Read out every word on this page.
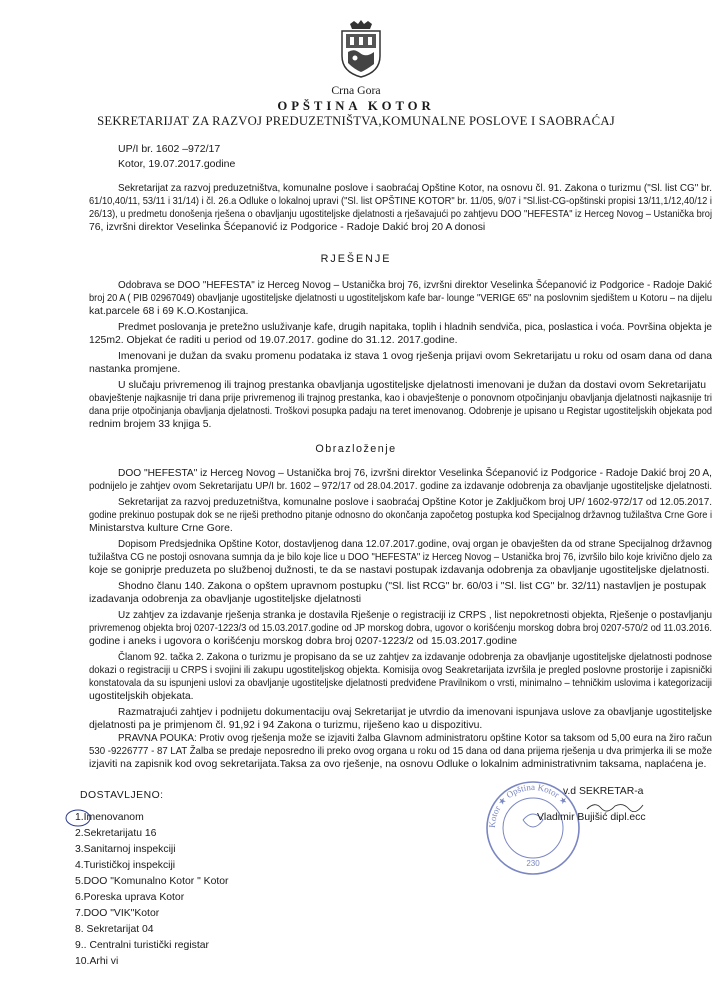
Crna Gora
OPŠTINA KOTOR
SEKRETARIJAT ZA RAZVOJ PREDUZETNIŠTVA,KOMUNALNE POSLOVE I SAOBRAĆAJ
UP/I br. 1602 –972/17
Kotor, 19.07.2017.godine
Sekretarijat za razvoj preduzetništva, komunalne poslove i saobraćaj Opštine Kotor, na osnovu čl. 91. Zakona o turizmu ("Sl. list CG" br.
61/10,40/11, 53/11 i 31/14) i čl. 26.a Odluke o lokalnoj upravi ("Sl. list OPŠTINE KOTOR" br. 11/05, 9/07 i "Sl.list-CG-opštinski propisi 13/11,1/12,40/12 i
26/13), u predmetu donošenja rješena o obavljanju ugostiteljske djelatnosti a rješavajući po zahtjevu DOO "HEFESTA" iz Herceg Novog – Ustanička broj
76, izvršni direktor Veselinka Šćepanović iz Podgorice - Radoje Dakić broj 20 A donosi
RJEŠENJE
Odobrava se DOO "HEFESTA" iz Herceg Novog – Ustanička broj 76, izvršni direktor Veselinka Šćepanović iz Podgorice - Radoje Dakić
broj 20 A ( PIB 02967049) obavljanje ugostiteljske djelatnosti u ugostiteljskom kafe bar- lounge "VERIGE 65" na poslovnim sjedištem u Kotoru – na dijelu
kat.parcele 68 i 69 K.O.Kostanjica.
Predmet poslovanja je pretežno usluživanje kafe, drugih napitaka, toplih i hladnih sendviča, pica, poslastica i voća. Površina objekta je
125m2. Objekat će raditi u period od 19.07.2017. godine do 31.12. 2017.godine.
Imenovani je dužan da svaku promenu podataka iz stava 1 ovog rješenja prijavi ovom Sekretarijatu u roku od osam dana od dana
nastanka promjene.
U slučaju privremenog ili trajnog prestanka obavljanja ugostiteljske djelatnosti imenovani je dužan da dostavi ovom Sekretarijatu
obavještenje najkasnije tri dana prije privremenog ili trajnog prestanka, kao i obavještenje o ponovnom otpočinjanju obavljanja djelatnosti najkasnije tri
dana prije otpočinjanja obavljanja djelatnosti. Troškovi posupka padaju na teret imenovanog. Odobrenje je upisano u Registar ugostiteljskih objekata pod
rednim brojem 33 knjiga 5.
Obrazloženje
DOO "HEFESTA" iz Herceg Novog – Ustanička broj 76, izvršni direktor Veselinka Šćepanović iz Podgorice - Radoje Dakić broj 20 A,
podnijelo je zahtjev ovom Sekretarijatu UP/I br. 1602 – 972/17 od 28.04.2017. godine za izdavanje odobrenja za obavljanje ugostiteljske djelatnosti.
Sekretarijat za razvoj preduzetništva, komunalne poslove i saobraćaj Opštine Kotor je Zaključkom broj UP/ 1602-972/17 od 12.05.2017.
godine prekinuo postupak dok se ne riješi prethodno pitanje odnosno do okončanja započetog postupka kod Specijalnog državnog tužilaštva Crne Gore i
Ministarstva kulture Crne Gore.
Dopisom Predsjednika Opštine Kotor, dostavljenog dana 12.07.2017.godine, ovaj organ je obavješten da od strane Specijalnog državnog
tužilaštva CG ne postoji osnovana sumnja da je bilo koje lice u DOO "HEFESTA" iz Herceg Novog – Ustanička broj 76, izvršilo bilo koje krivično djelo za
koje se goniprje preduzeta po službenoj dužnosti, te da se nastavi postupak izdavanja odobrenja za obavljanje ugostiteljske djelatnosti.
Shodno članu 140. Zakona o opštem upravnom postupku ("Sl. list RCG" br. 60/03 i "Sl. list CG" br. 32/11) nastavljen je postupak
izadavanja odobrenja za obavljanje ugostiteljske djelatnosti
Uz zahtjev za izdavanje rješenja stranka je dostavila Rješenje o registraciji iz CRPS , list nepokretnosti objekta, Rješenje o postavljanju
privremenog objekta broj 0207-1223/3 od 15.03.2017.godine od JP morskog dobra, ugovor o korišćenju morskog dobra broj 0207-570/2 od 11.03.2016.
godine i aneks i ugovora o korišćenju morskog dobra broj 0207-1223/2 od 15.03.2017.godine
Članom 92. tačka 2. Zakona o turizmu je propisano da se uz zahtjev za izdavanje odobrenja za obavljanje ugostiteljske djelatnosti podnose
dokazi o registraciji u CRPS i svojini ili zakupu ugostiteljskog objekta. Komisija ovog Seakretarijata izvršila je pregled poslovne prostorije i zapisnički
konstatovala da su ispunjeni uslovi za obavljanje ugostiteljske djelatnosti predviđene Pravilnikom o vrsti, minimalno – tehničkim uslovima i kategorizaciji
ugostiteljskih objekata.
Razmatrajući zahtjev i podnijetu dokumentaciju ovaj Sekretarijat je utvrdio da imenovani ispunjava uslove za obavljanje ugostiteljske
djelatnosti pa je primjenom čl. 91,92 i 94 Zakona o turizmu, riješeno kao u dispozitivu.
PRAVNA POUKA: Protiv ovog rješenja može se izjaviti žalba Glavnom administratoru opštine Kotor sa taksom od 5,00 eura na žiro račun
530 -9226777 - 87 LAT Žalba se predaje neposredno ili preko ovog organa u roku od 15 dana od dana prijema rješenja u dva primjerka ili se može
izjaviti na zapisnik kod ovog sekretarijata.Taksa za ovo rješenje, na osnovu Odluke o lokalnim administrativnim taksama, naplaćena je.
Kotor ★ Opština Kotor ★
230
v.d SEKRETAR-a
Vladimir Bujišić dipl.ecc
DOSTAVLJENO:
1.Imenovanom
2.Sekretarijatu 16
3.Sanitarnoj inspekciji
4.Turističkoj inspekciji
5.DOO "Komunalno Kotor " Kotor
6.Poreska uprava Kotor
7.DOO "VIK"Kotor
8. Sekretarijat 04
9.. Centralni turistički registar
10.Arhi vi
